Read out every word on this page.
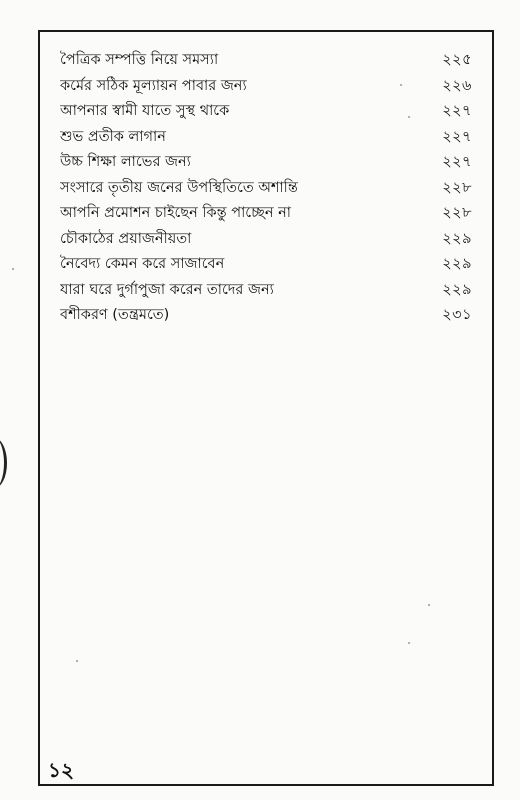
পৈত্রিক সম্পত্তি নিয়ে সমস্যা	২২৫
কর্মের সঠিক মূল্যায়ন পাবার জন্য	২২৬
আপনার স্বামী যাতে সুস্থ থাকে	২২৭
শুভ প্রতীক লাগান	২২৭
উচ্চ শিক্ষা লাভের জন্য	২২৭
সংসারে তৃতীয় জনের উপস্থিতিতে অশান্তি	২২৮
আপনি প্রমোশন চাইছেন কিন্তু পাচ্ছেন না	২২৮
চৌকাঠের প্রয়াজনীয়তা	২২৯
নৈবেদ্য কেমন করে সাজাবেন	২২৯
যারা ঘরে দুর্গাপুজা করেন তাদের জন্য	২২৯
বশীকরণ (তন্ত্রমতে)	২৩১
১২
